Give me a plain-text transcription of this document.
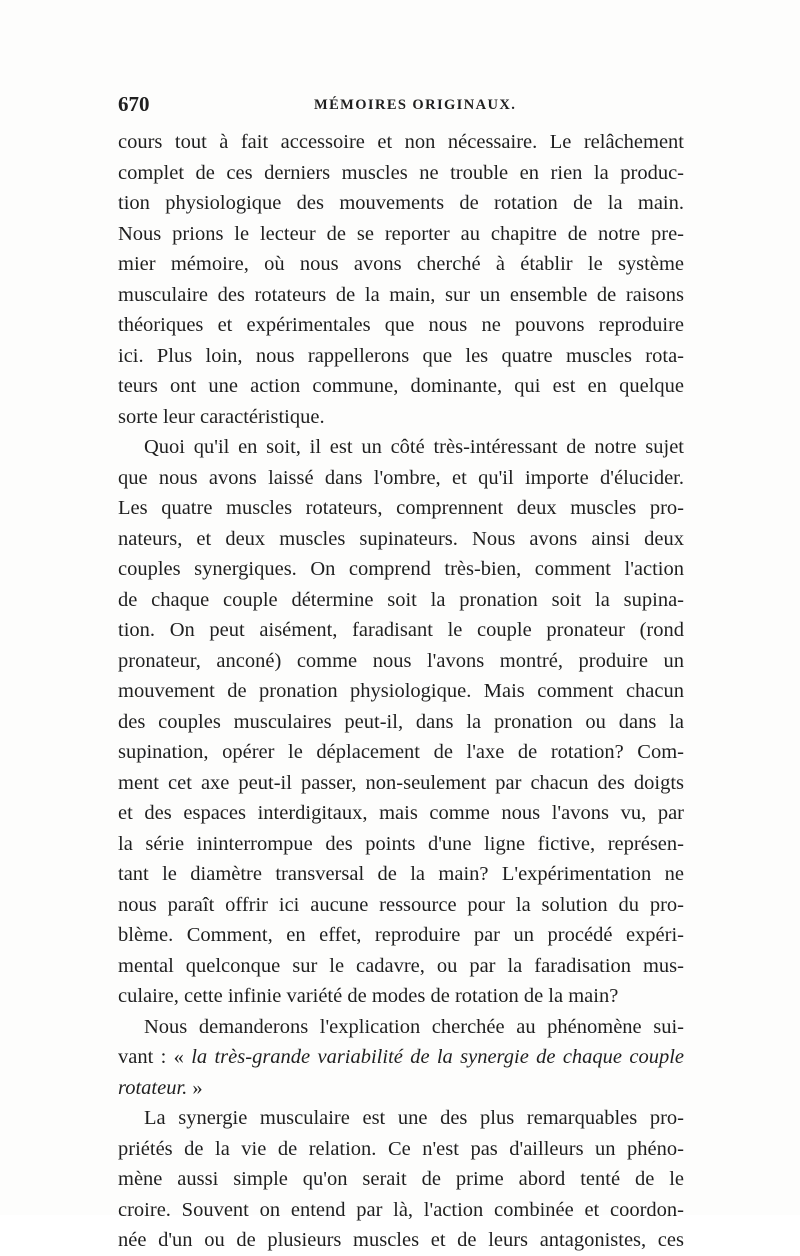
670	MÉMOIRES ORIGINAUX.
cours tout à fait accessoire et non nécessaire. Le relâchement
complet de ces derniers muscles ne trouble en rien la produc-
tion physiologique des mouvements de rotation de la main.
Nous prions le lecteur de se reporter au chapitre de notre pre-
mier mémoire, où nous avons cherché à établir le système
musculaire des rotateurs de la main, sur un ensemble de raisons
théoriques et expérimentales que nous ne pouvons reproduire
ici. Plus loin, nous rappellerons que les quatre muscles rota-
teurs ont une action commune, dominante, qui est en quelque
sorte leur caractéristique.
Quoi qu'il en soit, il est un côté très-intéressant de notre sujet
que nous avons laissé dans l'ombre, et qu'il importe d'élucider.
Les quatre muscles rotateurs, comprennent deux muscles pro-
nateurs, et deux muscles supinateurs. Nous avons ainsi deux
couples synergiques. On comprend très-bien, comment l'action
de chaque couple détermine soit la pronation soit la supina-
tion. On peut aisément, faradisant le couple pronateur (rond
pronateur, anconé) comme nous l'avons montré, produire un
mouvement de pronation physiologique. Mais comment chacun
des couples musculaires peut-il, dans la pronation ou dans la
supination, opérer le déplacement de l'axe de rotation? Com-
ment cet axe peut-il passer, non-seulement par chacun des doigts
et des espaces interdigitaux, mais comme nous l'avons vu, par
la série ininterrompue des points d'une ligne fictive, représen-
tant le diamètre transversal de la main? L'expérimentation ne
nous paraît offrir ici aucune ressource pour la solution du pro-
blème. Comment, en effet, reproduire par un procédé expéri-
mental quelconque sur le cadavre, ou par la faradisation mus-
culaire, cette infinie variété de modes de rotation de la main?
Nous demanderons l'explication cherchée au phénomène sui-
vant : « la très-grande variabilité de la synergie de chaque couple
rotateur. »
La synergie musculaire est une des plus remarquables pro-
priétés de la vie de relation. Ce n'est pas d'ailleurs un phéno-
mène aussi simple qu'on serait de prime abord tenté de le
croire. Souvent on entend par là, l'action combinée et coordon-
née d'un ou de plusieurs muscles et de leurs antagonistes, ces
